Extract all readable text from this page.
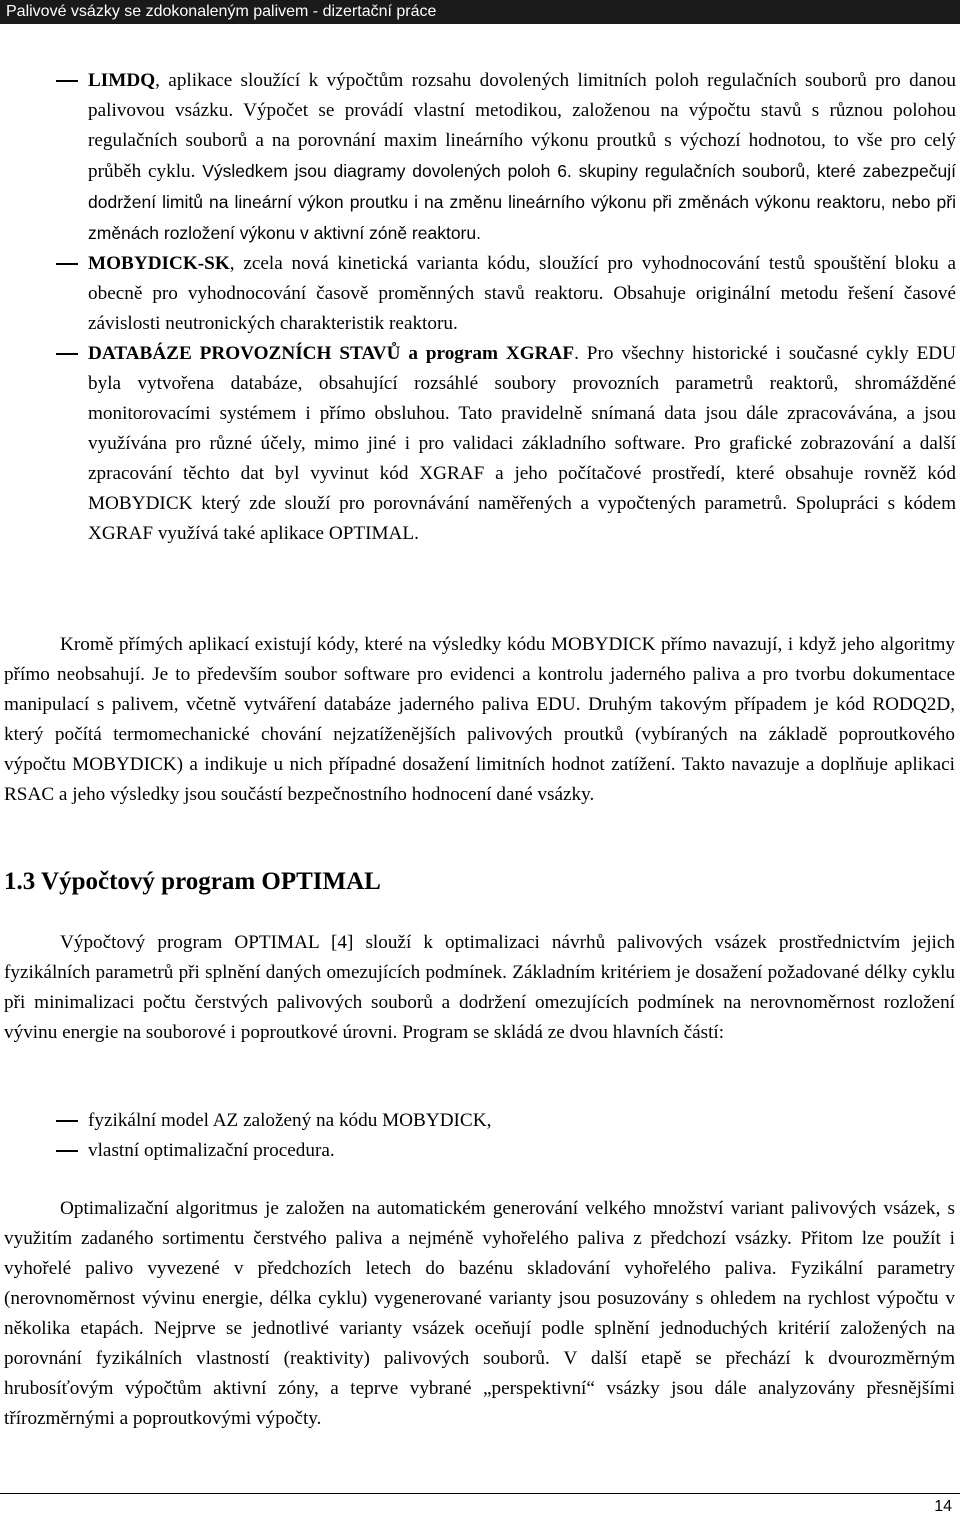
Palivové vsázky se zdokonaleným palivem - dizertační práce
LIMDQ, aplikace sloužící k výpočtům rozsahu dovolených limitních poloh regulačních souborů pro danou palivovou vsázku. Výpočet se provádí vlastní metodikou, založenou na výpočtu stavů s různou polohou regulačních souborů a na porovnání maxim lineárního výkonu proutků s výchozí hodnotou, to vše pro celý průběh cyklu. Výsledkem jsou diagramy dovolených poloh 6. skupiny regulačních souborů, které zabezpečují dodržení limitů na lineární výkon proutku i na změnu lineárního výkonu při změnách výkonu reaktoru, nebo při změnách rozložení výkonu v aktivní zóně reaktoru.
MOBYDICK-SK, zcela nová kinetická varianta kódu, sloužící pro vyhodnocování testů spouštění bloku a obecně pro vyhodnocování časově proměnných stavů reaktoru. Obsahuje originální metodu řešení časové závislosti neutronických charakteristik reaktoru.
DATABÁZE PROVOZNÍCH STAVŮ a program XGRAF. Pro všechny historické i současné cykly EDU byla vytvořena databáze, obsahující rozsáhlé soubory provozních parametrů reaktorů, shromážděné monitorovacími systémem i přímo obsluhou. Tato pravidelně snímaná data jsou dále zpracovávána, a jsou využívána pro různé účely, mimo jiné i pro validaci základního software. Pro grafické zobrazování a další zpracování těchto dat byl vyvinut kód XGRAF a jeho počítačové prostředí, které obsahuje rovněž kód MOBYDICK který zde slouží pro porovnávání naměřených a vypočtených parametrů. Spolupráci s kódem XGRAF využívá také aplikace OPTIMAL.

Kromě přímých aplikací existují kódy, které na výsledky kódu MOBYDICK přímo navazují, i když jeho algoritmy přímo neobsahují. Je to především soubor software pro evidenci a kontrolu jaderného paliva a pro tvorbu dokumentace manipulací s palivem, včetně vytváření databáze jaderného paliva EDU. Druhým takovým případem je kód RODQ2D, který počítá termomechanické chování nejzatíženějších palivových proutků (vybíraných na základě poproutkového výpočtu MOBYDICK) a indikuje u nich případné dosažení limitních hodnot zatížení. Takto navazuje a doplňuje aplikaci RSAC a jeho výsledky jsou součástí bezpečnostního hodnocení dané vsázky.

1.3 Výpočtový program OPTIMAL

Výpočtový program OPTIMAL [4] slouží k optimalizaci návrhů palivových vsázek prostřednictvím jejich fyzikálních parametrů při splnění daných omezujících podmínek. Základním kritériem je dosažení požadované délky cyklu při minimalizaci počtu čerstvých palivových souborů a dodržení omezujících podmínek na nerovnoměrnost rozložení vývinu energie na souborové i poproutkové úrovni. Program se skládá ze dvou hlavních částí:

fyzikální model AZ založený na kódu MOBYDICK,
vlastní optimalizační procedura.

Optimalizační algoritmus je založen na automatickém generování velkého množství variant palivových vsázek, s využitím zadaného sortimentu čerstvého paliva a nejméně vyhořelého paliva z předchozí vsázky. Přitom lze použít i vyhořelé palivo vyvezené v předchozích letech do bazénu skladování vyhořelého paliva. Fyzikální parametry (nerovnoměrnost vývinu energie, délka cyklu) vygenerované varianty jsou posuzovány s ohledem na rychlost výpočtu v několika etapách. Nejprve se jednotlivé varianty vsázek oceňují podle splnění jednoduchých kritérií založených na porovnání fyzikálních vlastností (reaktivity) palivových souborů. V další etapě se přechází k dvourozměrným hrubosíťovým výpočtům aktivní zóny, a teprve vybrané „perspektivní“ vsázky jsou dále analyzovány přesnějšími třírozměrnými a poproutkovými výpočty.

14
